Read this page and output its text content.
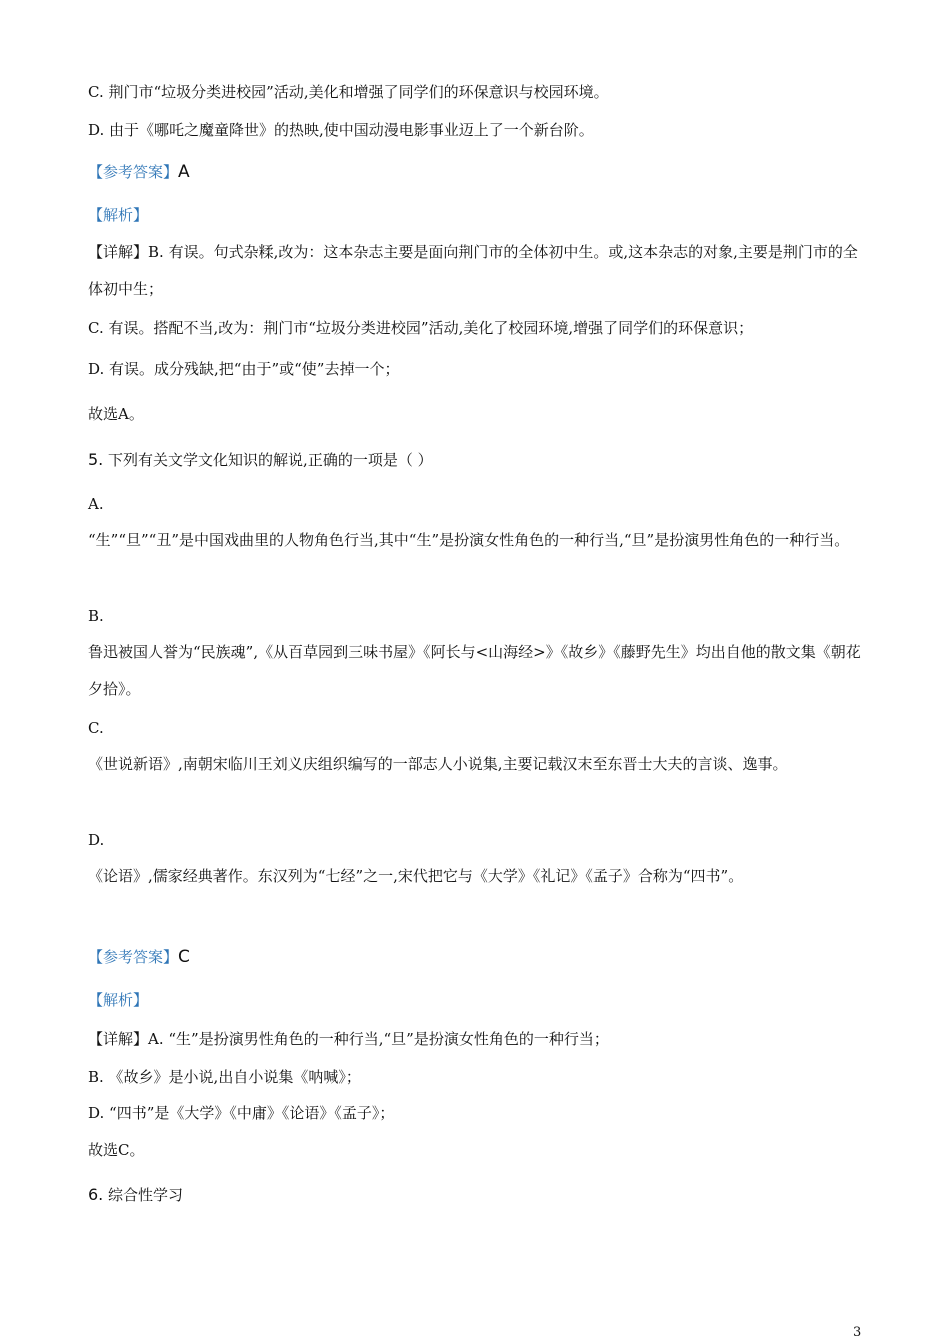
C. 荆门市“垃圾分类进校园”活动,美化和增强了同学们的环保意识与校园环境。
D. 由于《哪吒之魔童降世》的热映,使中国动漫电影事业迈上了一个新台阶。
【参考答案】A
【解析】
【详解】B. 有误。句式杂糅,改为：这本杂志主要是面向荆门市的全体初中生。或,这本杂志的对象,主要是荆门市的全体初中生；
C. 有误。搭配不当,改为：荆门市“垃圾分类进校园”活动,美化了校园环境,增强了同学们的环保意识；
D. 有误。成分残缺,把“由于”或“使”去掉一个；
故选A。
5. 下列有关文学文化知识的解说,正确的一项是（ ）
A.
“生”“旦”“丑”是中国戏曲里的人物角色行当,其中“生”是扮演女性角色的一种行当,“旦”是扮演男性角色的一种行当。
B.
鲁迅被国人誉为“民族魂”,《从百草园到三味书屋》《阿长与<山海经>》《故乡》《藤野先生》均出自他的散文集《朝花夕拾》。
C.
《世说新语》,南朝宋临川王刘义庆组织编写的一部志人小说集,主要记载汉末至东晋士大夫的言谈、逸事。
D.
《论语》,儒家经典著作。东汉列为“七经”之一,宋代把它与《大学》《礼记》《孟子》合称为“四书”。
【参考答案】C
【解析】
【详解】A. “生”是扮演男性角色的一种行当,“旦”是扮演女性角色的一种行当；
B. 《故乡》是小说,出自小说集《呐喊》；
D. “四书”是《大学》《中庸》《论语》《孟子》；
故选C。
6. 综合性学习
3
